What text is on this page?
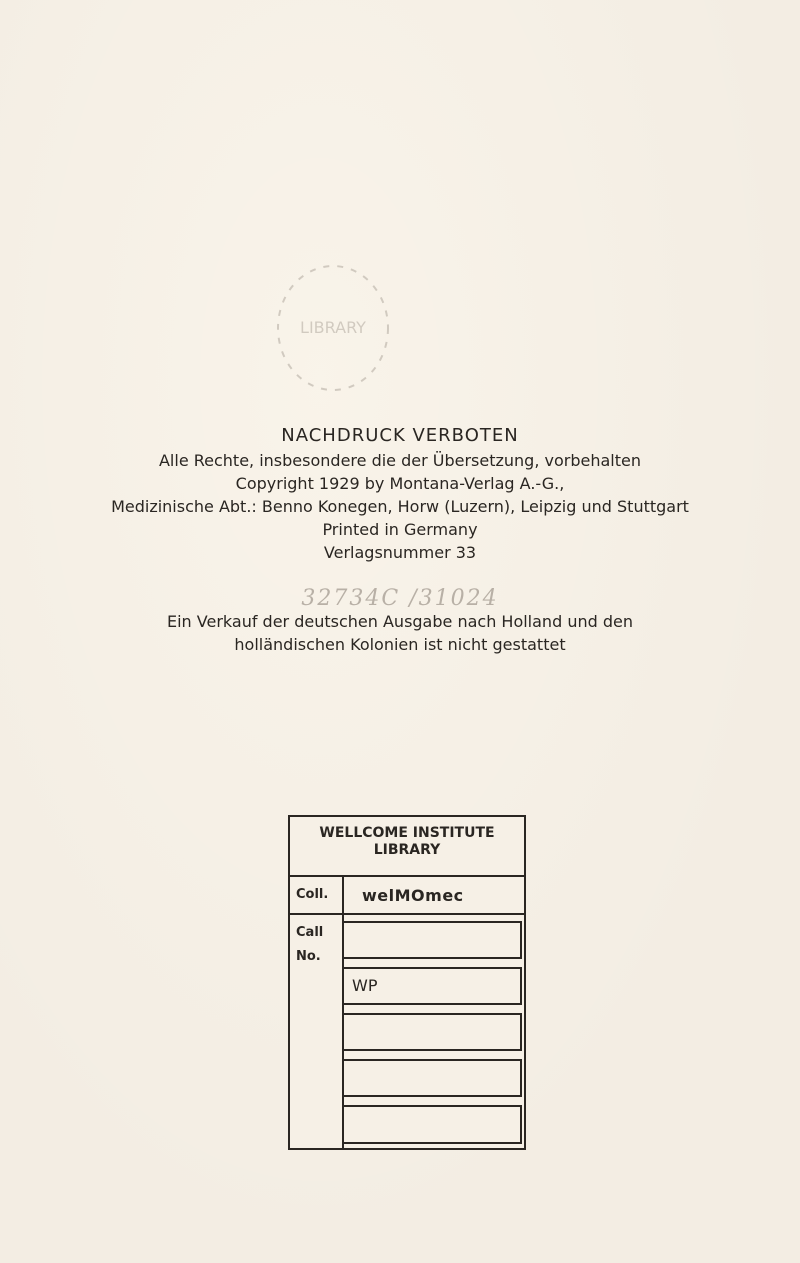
LIBRARY
NACHDRUCK VERBOTEN
Alle Rechte, insbesondere die der Übersetzung, vorbehalten
Copyright 1929 by Montana-Verlag A.-G.,
Medizinische Abt.: Benno Konegen, Horw (Luzern), Leipzig und Stuttgart
Printed in Germany
Verlagsnummer 33
32734C /31024
Ein Verkauf der deutschen Ausgabe nach Holland und den
holländischen Kolonien ist nicht gestattet
WELLCOME INSTITUTE
LIBRARY
Coll. welMOmec
Call
No.
WP
